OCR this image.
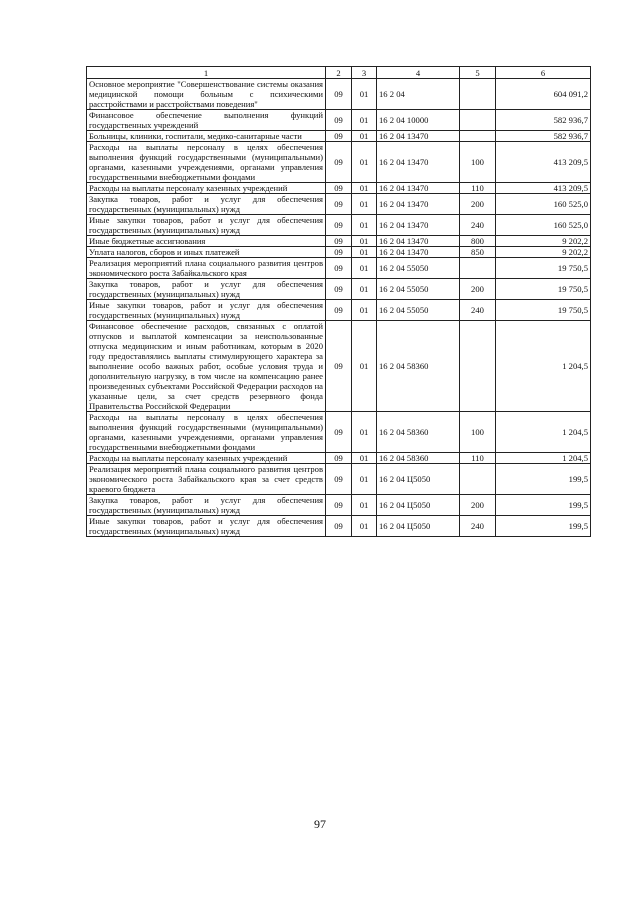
1	2	3	4	5	6
Основное мероприятие "Совершенствование системы оказания медицинской помощи больным с психическими расстройствами и расстройствами поведения"	09	01	16 2 04		604 091,2
Финансовое обеспечение выполнения функций государственных учреждений	09	01	16 2 04 10000		582 936,7
Больницы, клиники, госпитали, медико-санитарные части	09	01	16 2 04 13470		582 936,7
Расходы на выплаты персоналу в целях обеспечения выполнения функций государственными (муниципальными) органами, казенными учреждениями, органами управления государственными внебюджетными фондами	09	01	16 2 04 13470	100	413 209,5
Расходы на выплаты персоналу казенных учреждений	09	01	16 2 04 13470	110	413 209,5
Закупка товаров, работ и услуг для обеспечения государственных (муниципальных) нужд	09	01	16 2 04 13470	200	160 525,0
Иные закупки товаров, работ и услуг для обеспечения государственных (муниципальных) нужд	09	01	16 2 04 13470	240	160 525,0
Иные бюджетные ассигнования	09	01	16 2 04 13470	800	9 202,2
Уплата налогов, сборов и иных платежей	09	01	16 2 04 13470	850	9 202,2
Реализация мероприятий плана социального развития центров экономического роста Забайкальского края	09	01	16 2 04 55050		19 750,5
Закупка товаров, работ и услуг для обеспечения государственных (муниципальных) нужд	09	01	16 2 04 55050	200	19 750,5
Иные закупки товаров, работ и услуг для обеспечения государственных (муниципальных) нужд	09	01	16 2 04 55050	240	19 750,5
Финансовое обеспечение расходов, связанных с оплатой отпусков и выплатой компенсации за неиспользованные отпуска медицинским и иным работникам, которым в 2020 году предоставлялись выплаты стимулирующего характера за выполнение особо важных работ, особые условия труда и дополнительную нагрузку, в том числе на компенсацию ранее произведенных субъектами Российской Федерации расходов на указанные цели, за счет средств резервного фонда Правительства Российской Федерации	09	01	16 2 04 58360		1 204,5
Расходы на выплаты персоналу в целях обеспечения выполнения функций государственными (муниципальными) органами, казенными учреждениями, органами управления государственными внебюджетными фондами	09	01	16 2 04 58360	100	1 204,5
Расходы на выплаты персоналу казенных учреждений	09	01	16 2 04 58360	110	1 204,5
Реализация мероприятий плана социального развития центров экономического роста Забайкальского края за счет средств краевого бюджета	09	01	16 2 04 Ц5050		199,5
Закупка товаров, работ и услуг для обеспечения государственных (муниципальных) нужд	09	01	16 2 04 Ц5050	200	199,5
Иные закупки товаров, работ и услуг для обеспечения государственных (муниципальных) нужд	09	01	16 2 04 Ц5050	240	199,5
97
